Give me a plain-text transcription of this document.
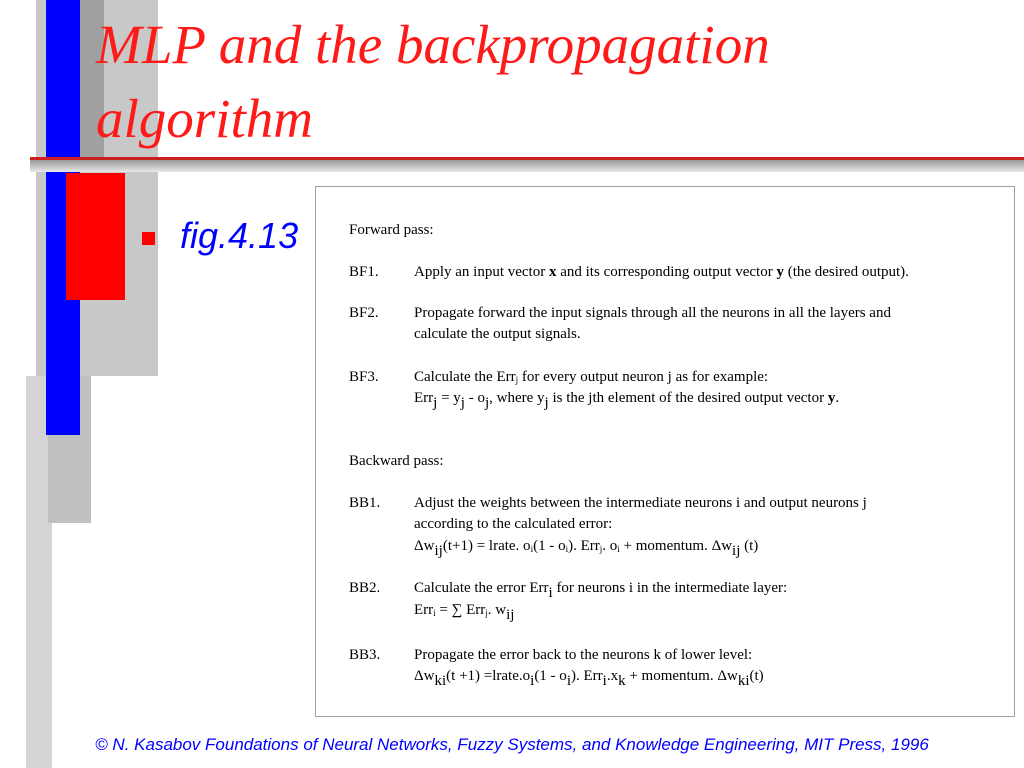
MLP and the backpropagation algorithm
fig.4.13	Forward pass:
BF1. Apply an input vector x and its corresponding output vector y (the desired output).
BF2. Propagate forward the input signals through all the neurons in all the layers and
calculate the output signals.
BF3. Calculate the Err$_j$ for every output neuron j as for example:
$Err_j = y_j - o_j$, where $y_j$ is the jth element of the desired output vector y.
Backward pass:
BB1. Adjust the weights between the intermediate neurons i and output neurons j
according to the calculated error:
$\Delta w_{ij}(t+1)$ = lrate. $o_i(1 - o_i)$. Err$_j$. $o_i$ + momentum. $\Delta w_{ij}$ (t)
BB2. Calculate the error Err$_i$ for neurons i in the intermediate layer:
Err$_i$ = ∑ Err$_j$. $w_{ij}$
BB3. Propagate the error back to the neurons k of lower level:
$\Delta w_{ki}(t +1)$ $=lrate.o_i(1 - o_i)$. $Err_i.x_k$ + momentum. $\Delta w_{ki}(t)$
© N. Kasabov Foundations of Neural Networks, Fuzzy Systems, and Knowledge Engineering, MIT Press, 1996
